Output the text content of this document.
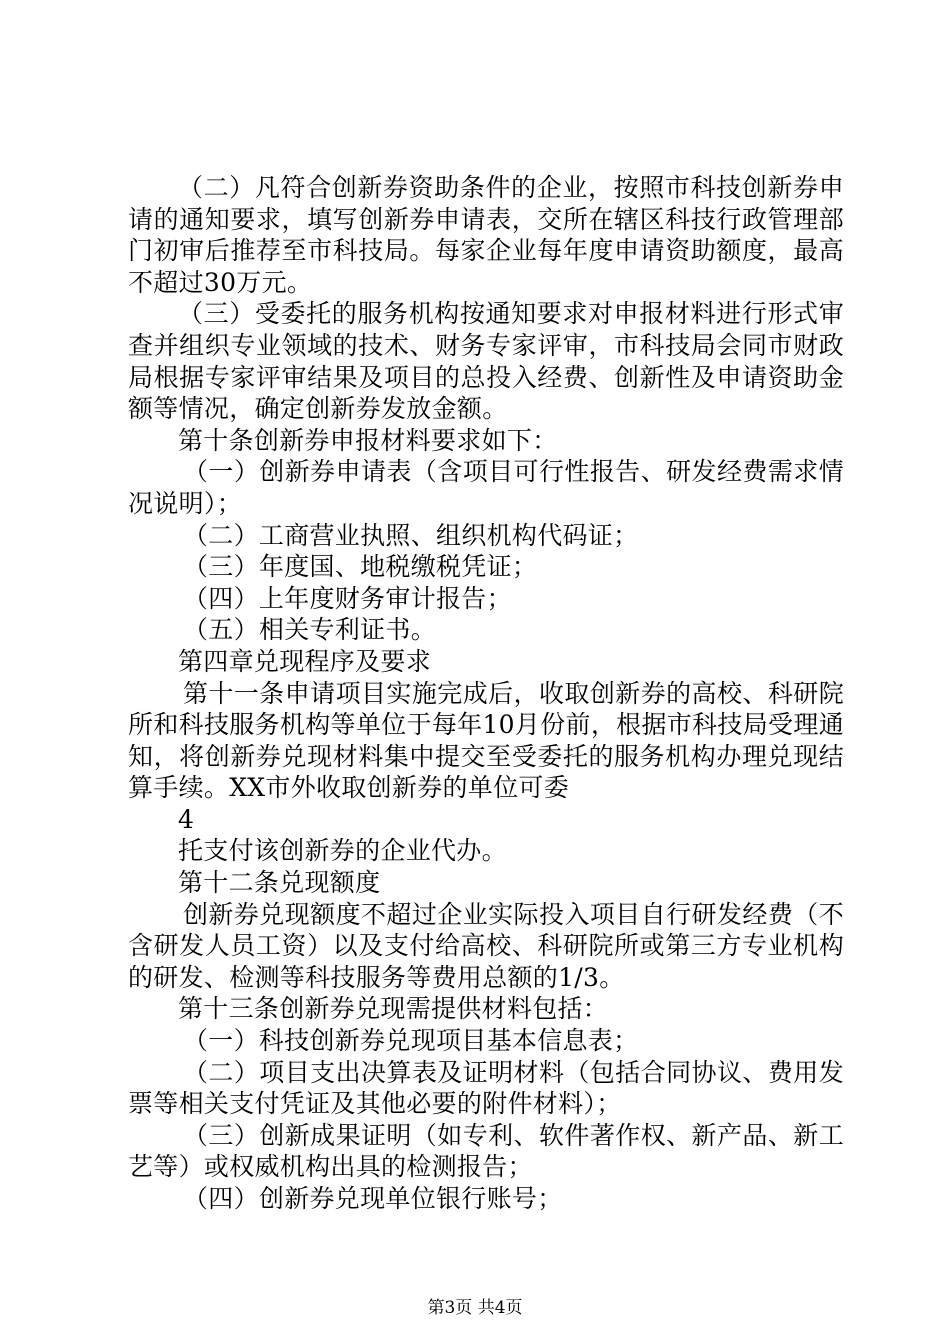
（二）凡符合创新券资助条件的企业，按照市科技创新券申请的通知要求，填写创新券申请表，交所在辖区科技行政管理部门初审后推荐至市科技局。每家企业每年度申请资助额度，最高不超过30万元。

（三）受委托的服务机构按通知要求对申报材料进行形式审查并组织专业领域的技术、财务专家评审，市科技局会同市财政局根据专家评审结果及项目的总投入经费、创新性及申请资助金额等情况，确定创新券发放金额。

第十条创新券申报材料要求如下：

（一）创新券申请表（含项目可行性报告、研发经费需求情况说明）；

（二）工商营业执照、组织机构代码证；

（三）年度国、地税缴税凭证；

（四）上年度财务审计报告；

（五）相关专利证书。

第四章兑现程序及要求

第十一条申请项目实施完成后，收取创新券的高校、科研院所和科技服务机构等单位于每年10月份前，根据市科技局受理通知，将创新券兑现材料集中提交至受委托的服务机构办理兑现结算手续。XX市外收取创新券的单位可委

4

托支付该创新券的企业代办。

第十二条兑现额度

创新券兑现额度不超过企业实际投入项目自行研发经费（不含研发人员工资）以及支付给高校、科研院所或第三方专业机构的研发、检测等科技服务等费用总额的1/3。

第十三条创新券兑现需提供材料包括：

（一）科技创新券兑现项目基本信息表；

（二）项目支出决算表及证明材料（包括合同协议、费用发票等相关支付凭证及其他必要的附件材料）；

（三）创新成果证明（如专利、软件著作权、新产品、新工艺等）或权威机构出具的检测报告；

（四）创新券兑现单位银行账号；

第3页 共4页
